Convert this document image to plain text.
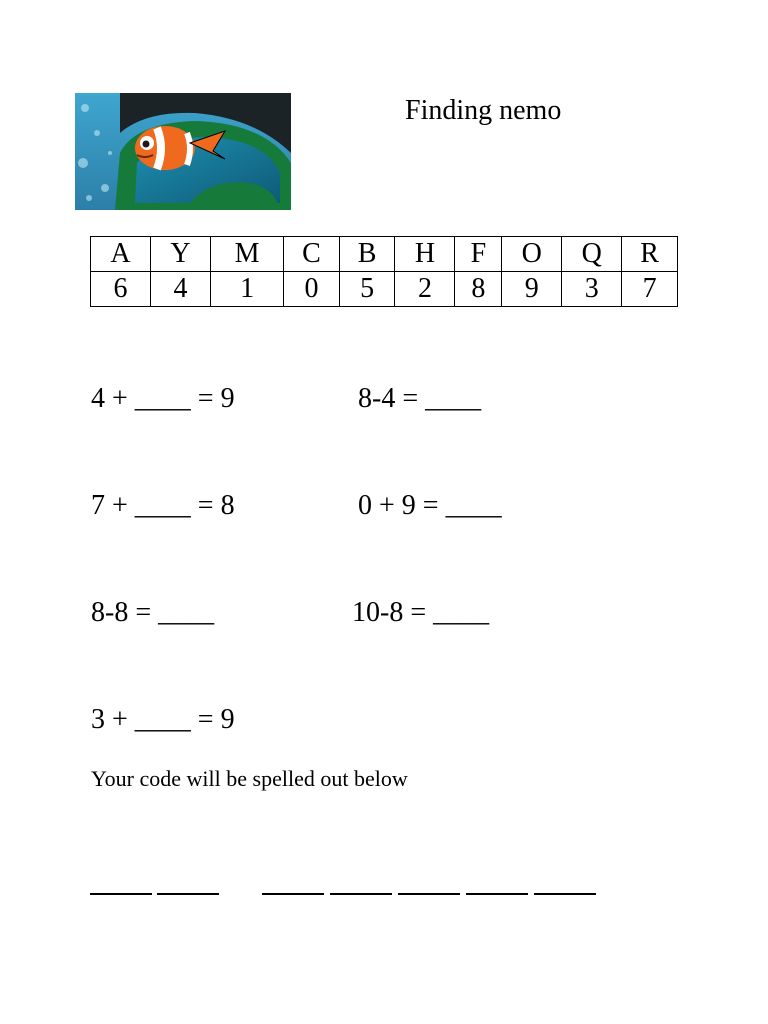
Finding nemo
A	Y	M	C	B	H	F	O	Q	R
6	4	1	0	5	2	8	9	3	7
4 + ____ = 9	8-4 = ____
7 + ____ = 8	0 + 9 = ____
8-8 = ____	10-8 = ____
3 + ____ = 9
Your code will be spelled out below
